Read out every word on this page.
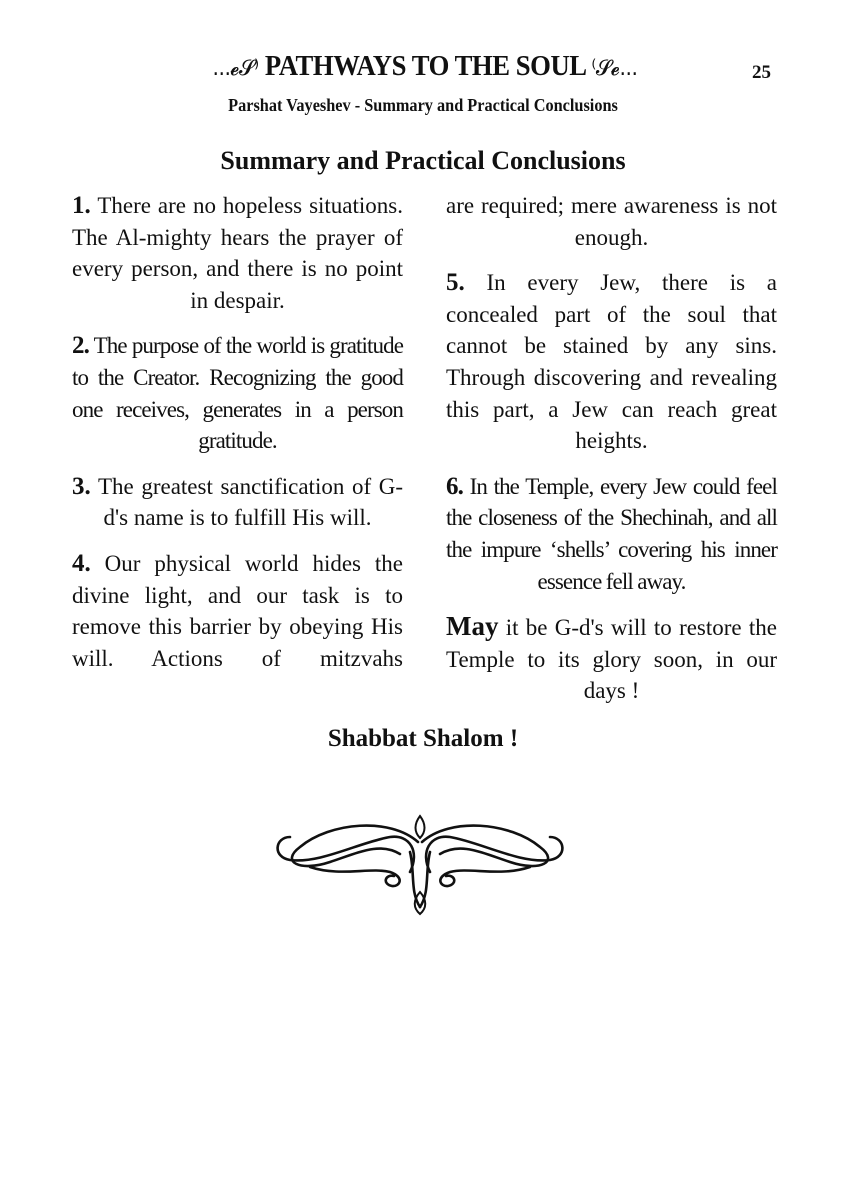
...𝓮𝓢⁾ PATHWAYS TO THE SOUL ⁽𝓢𝓮...	25
Parshat Vayeshev - Summary and Practical Conclusions
Summary and Practical Conclusions

1. There are no hopeless situations. The Al-mighty hears the prayer of every person, and there is no point in despair.

2. The purpose of the world is gratitude to the Creator. Recognizing the good one receives, generates in a person gratitude.

3. The greatest sanctification of G-d's name is to fulfill His will.

4. Our physical world hides the divine light, and our task is to remove this barrier by obeying His will. Actions of mitzvahs

are required; mere awareness is not enough.

5. In every Jew, there is a concealed part of the soul that cannot be stained by any sins. Through discovering and revealing this part, a Jew can reach great heights.

6. In the Temple, every Jew could feel the closeness of the Shechinah, and all the impure ‘shells’ covering his inner essence fell away.

May it be G-d's will to restore the Temple to its glory soon, in our days !

Shabbat Shalom !
